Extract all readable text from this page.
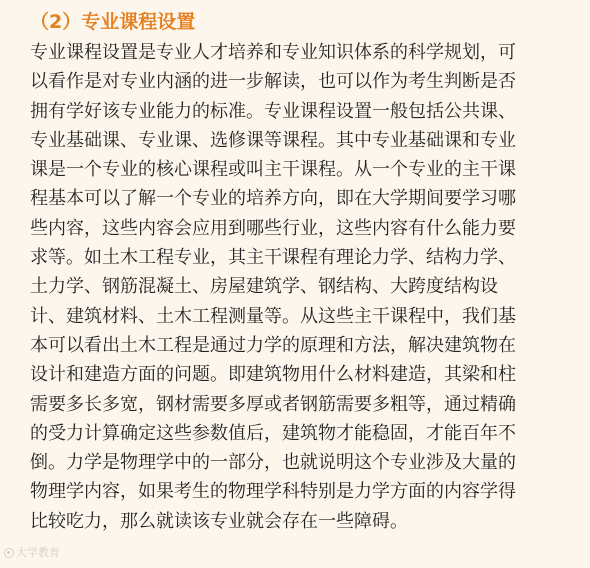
（2）专业课程设置

专业课程设置是专业人才培养和专业知识体系的科学规划，可
以看作是对专业内涵的进一步解读，也可以作为考生判断是否
拥有学好该专业能力的标准。专业课程设置一般包括公共课、
专业基础课、专业课、选修课等课程。其中专业基础课和专业
课是一个专业的核心课程或叫主干课程。从一个专业的主干课
程基本可以了解一个专业的培养方向，即在大学期间要学习哪
些内容，这些内容会应用到哪些行业，这些内容有什么能力要
求等。如土木工程专业，其主干课程有理论力学、结构力学、
土力学、钢筋混凝土、房屋建筑学、钢结构、大跨度结构设
计、建筑材料、土木工程测量等。从这些主干课程中，我们基
本可以看出土木工程是通过力学的原理和方法，解决建筑物在
设计和建造方面的问题。即建筑物用什么材料建造，其梁和柱
需要多长多宽，钢材需要多厚或者钢筋需要多粗等，通过精确
的受力计算确定这些参数值后，建筑物才能稳固，才能百年不
倒。力学是物理学中的一部分，也就说明这个专业涉及大量的
物理学内容，如果考生的物理学科特别是力学方面的内容学得
比较吃力，那么就读该专业就会存在一些障碍。

大学教育
